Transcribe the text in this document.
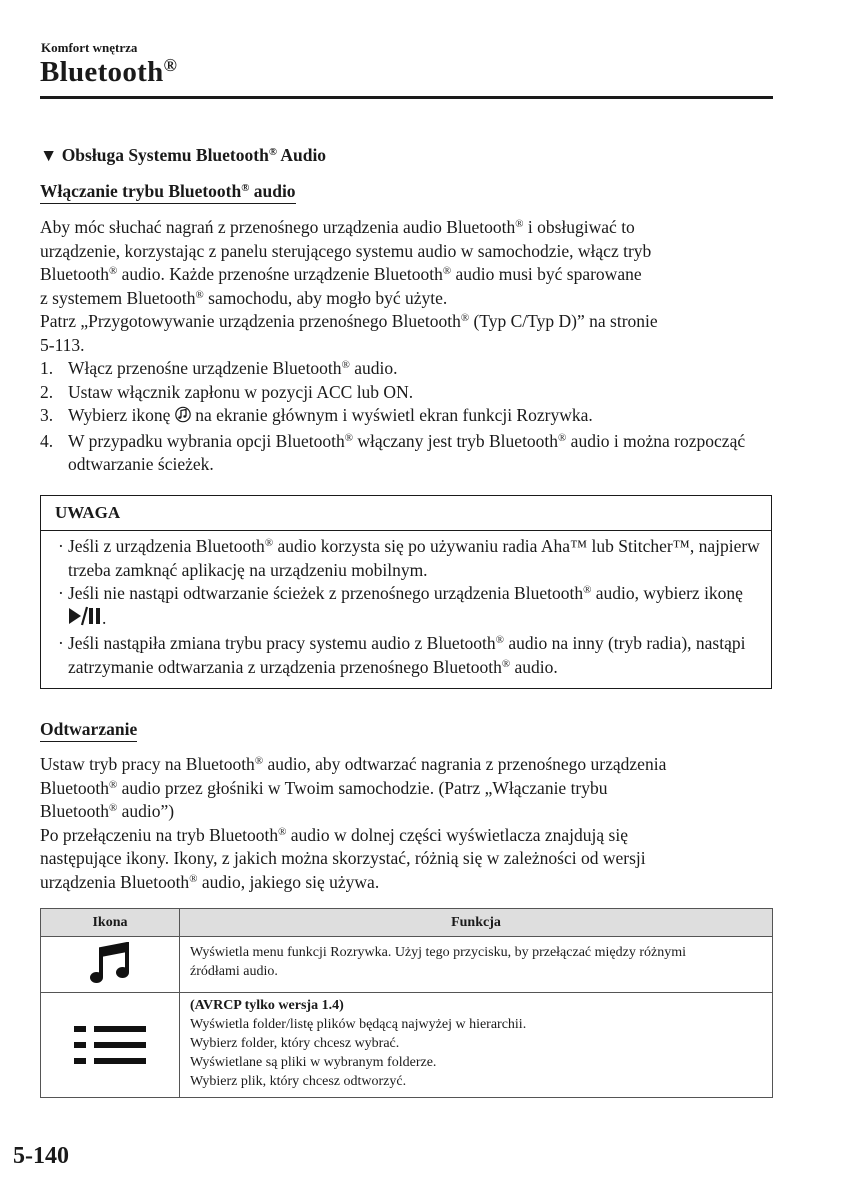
Komfort wnętrza
Bluetooth®
▼ Obsługa Systemu Bluetooth® Audio
Włączanie trybu Bluetooth® audio
Aby móc słuchać nagrań z przenośnego urządzenia audio Bluetooth® i obsługiwać to
urządzenie, korzystając z panelu sterującego systemu audio w samochodzie, włącz tryb
Bluetooth® audio. Każde przenośne urządzenie Bluetooth® audio musi być sparowane
z systemem Bluetooth® samochodu, aby mogło być użyte.
Patrz „Przygotowywanie urządzenia przenośnego Bluetooth® (Typ C/Typ D)” na stronie
5-113.
1. Włącz przenośne urządzenie Bluetooth® audio.
2. Ustaw włącznik zapłonu w pozycji ACC lub ON.
3. Wybierz ikonę na ekranie głównym i wyświetl ekran funkcji Rozrywka.
4. W przypadku wybrania opcji Bluetooth® włączany jest tryb Bluetooth® audio i można rozpocząć odtwarzanie ścieżek.
UWAGA
· Jeśli z urządzenia Bluetooth® audio korzysta się po używaniu radia Aha™ lub Stitcher™, najpierw trzeba zamknąć aplikację na urządzeniu mobilnym.
· Jeśli nie nastąpi odtwarzanie ścieżek z przenośnego urządzenia Bluetooth® audio, wybierz ikonę .
· Jeśli nastąpiła zmiana trybu pracy systemu audio z Bluetooth® audio na inny (tryb radia), nastąpi zatrzymanie odtwarzania z urządzenia przenośnego Bluetooth® audio.
Odtwarzanie
Ustaw tryb pracy na Bluetooth® audio, aby odtwarzać nagrania z przenośnego urządzenia
Bluetooth® audio przez głośniki w Twoim samochodzie. (Patrz „Włączanie trybu
Bluetooth® audio”)
Po przełączeniu na tryb Bluetooth® audio w dolnej części wyświetlacza znajdują się
następujące ikony. Ikony, z jakich można skorzystać, różnią się w zależności od wersji
urządzenia Bluetooth® audio, jakiego się używa.
Ikona	Funkcja

Wyświetla menu funkcji Rozrywka. Użyj tego przycisku, by przełączać między różnymi
źródłami audio.

(AVRCP tylko wersja 1.4)
Wyświetla folder/listę plików będącą najwyżej w hierarchii.
Wybierz folder, który chcesz wybrać.
Wyświetlane są pliki w wybranym folderze.
Wybierz plik, który chcesz odtworzyć.
5-140
